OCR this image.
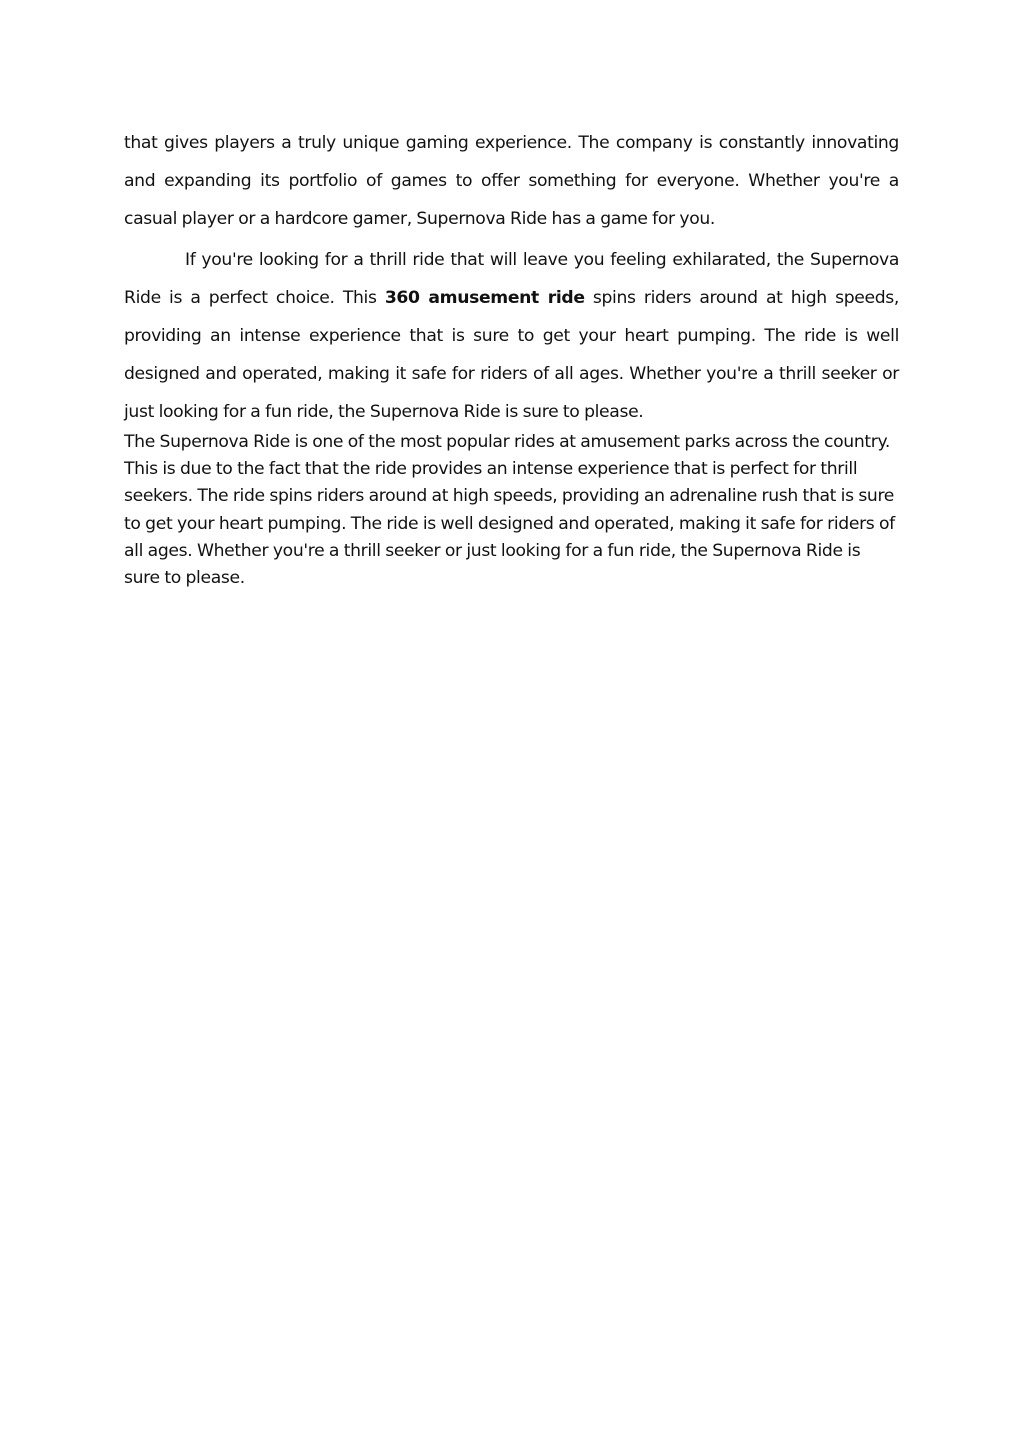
that gives players a truly unique gaming experience. The company is constantly innovating and expanding its portfolio of games to offer something for everyone. Whether you're a casual player or a hardcore gamer, Supernova Ride has a game for you.

If you're looking for a thrill ride that will leave you feeling exhilarated, the Supernova Ride is a perfect choice. This 360 amusement ride spins riders around at high speeds, providing an intense experience that is sure to get your heart pumping. The ride is well designed and operated, making it safe for riders of all ages. Whether you're a thrill seeker or just looking for a fun ride, the Supernova Ride is sure to please.

The Supernova Ride is one of the most popular rides at amusement parks across the country. This is due to the fact that the ride provides an intense experience that is perfect for thrill seekers. The ride spins riders around at high speeds, providing an adrenaline rush that is sure to get your heart pumping. The ride is well designed and operated, making it safe for riders of all ages. Whether you're a thrill seeker or just looking for a fun ride, the Supernova Ride is sure to please.
